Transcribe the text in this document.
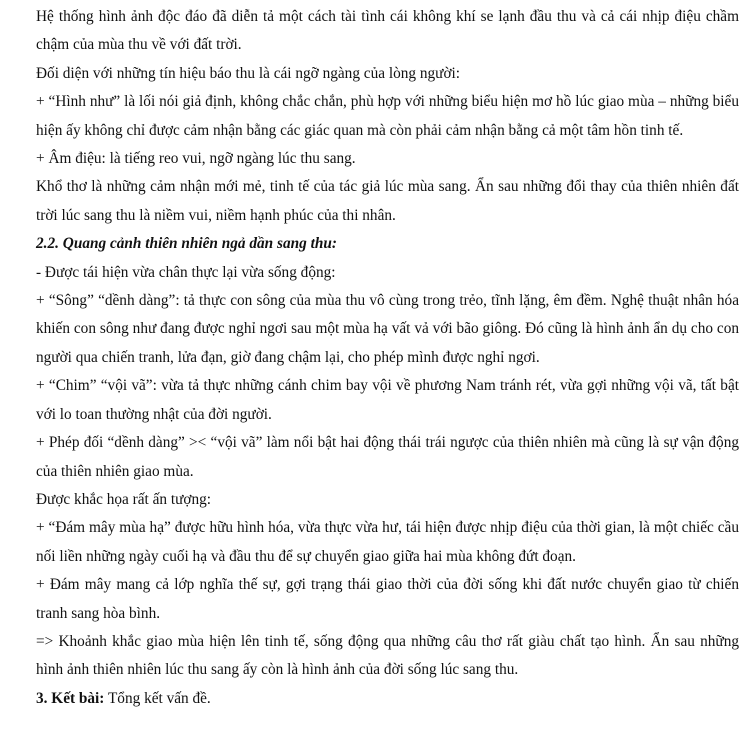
Hệ thống hình ảnh độc đáo đã diễn tả một cách tài tình cái không khí se lạnh đầu thu và cả cái nhịp điệu chầm chậm của mùa thu về với đất trời.

Đối diện với những tín hiệu báo thu là cái ngỡ ngàng của lòng người:

+ “Hình như” là lối nói giả định, không chắc chắn, phù hợp với những biểu hiện mơ hồ lúc giao mùa – những biểu hiện ấy không chỉ được cảm nhận bằng các giác quan mà còn phải cảm nhận bằng cả một tâm hồn tinh tế.

+ Âm điệu: là tiếng reo vui, ngỡ ngàng lúc thu sang.

Khổ thơ là những cảm nhận mới mẻ, tinh tế của tác giả lúc mùa sang. Ẩn sau những đổi thay của thiên nhiên đất trời lúc sang thu là niềm vui, niềm hạnh phúc của thi nhân.

2.2. Quang cảnh thiên nhiên ngả dần sang thu:

- Được tái hiện vừa chân thực lại vừa sống động:

+ “Sông” “dềnh dàng”: tả thực con sông của mùa thu vô cùng trong trẻo, tĩnh lặng, êm đềm. Nghệ thuật nhân hóa khiến con sông như đang được nghỉ ngơi sau một mùa hạ vất vả với bão giông. Đó cũng là hình ảnh ẩn dụ cho con người qua chiến tranh, lửa đạn, giờ đang chậm lại, cho phép mình được nghỉ ngơi.

+ “Chim” “vội vã”: vừa tả thực những cánh chim bay vội về phương Nam tránh rét, vừa gợi những vội vã, tất bật với lo toan thường nhật của đời người.

+ Phép đối “dềnh dàng” >< “vội vã” làm nổi bật hai động thái trái ngược của thiên nhiên mà cũng là sự vận động của thiên nhiên giao mùa.

Được khắc họa rất ấn tượng:

+ “Đám mây mùa hạ” được hữu hình hóa, vừa thực vừa hư, tái hiện được nhịp điệu của thời gian, là một chiếc cầu nối liền những ngày cuối hạ và đầu thu để sự chuyển giao giữa hai mùa không đứt đoạn.

+ Đám mây mang cả lớp nghĩa thế sự, gợi trạng thái giao thời của đời sống khi đất nước chuyển giao từ chiến tranh sang hòa bình.

=> Khoảnh khắc giao mùa hiện lên tinh tế, sống động qua những câu thơ rất giàu chất tạo hình. Ẩn sau những hình ảnh thiên nhiên lúc thu sang ấy còn là hình ảnh của đời sống lúc sang thu.

3. Kết bài: Tổng kết vấn đề.
